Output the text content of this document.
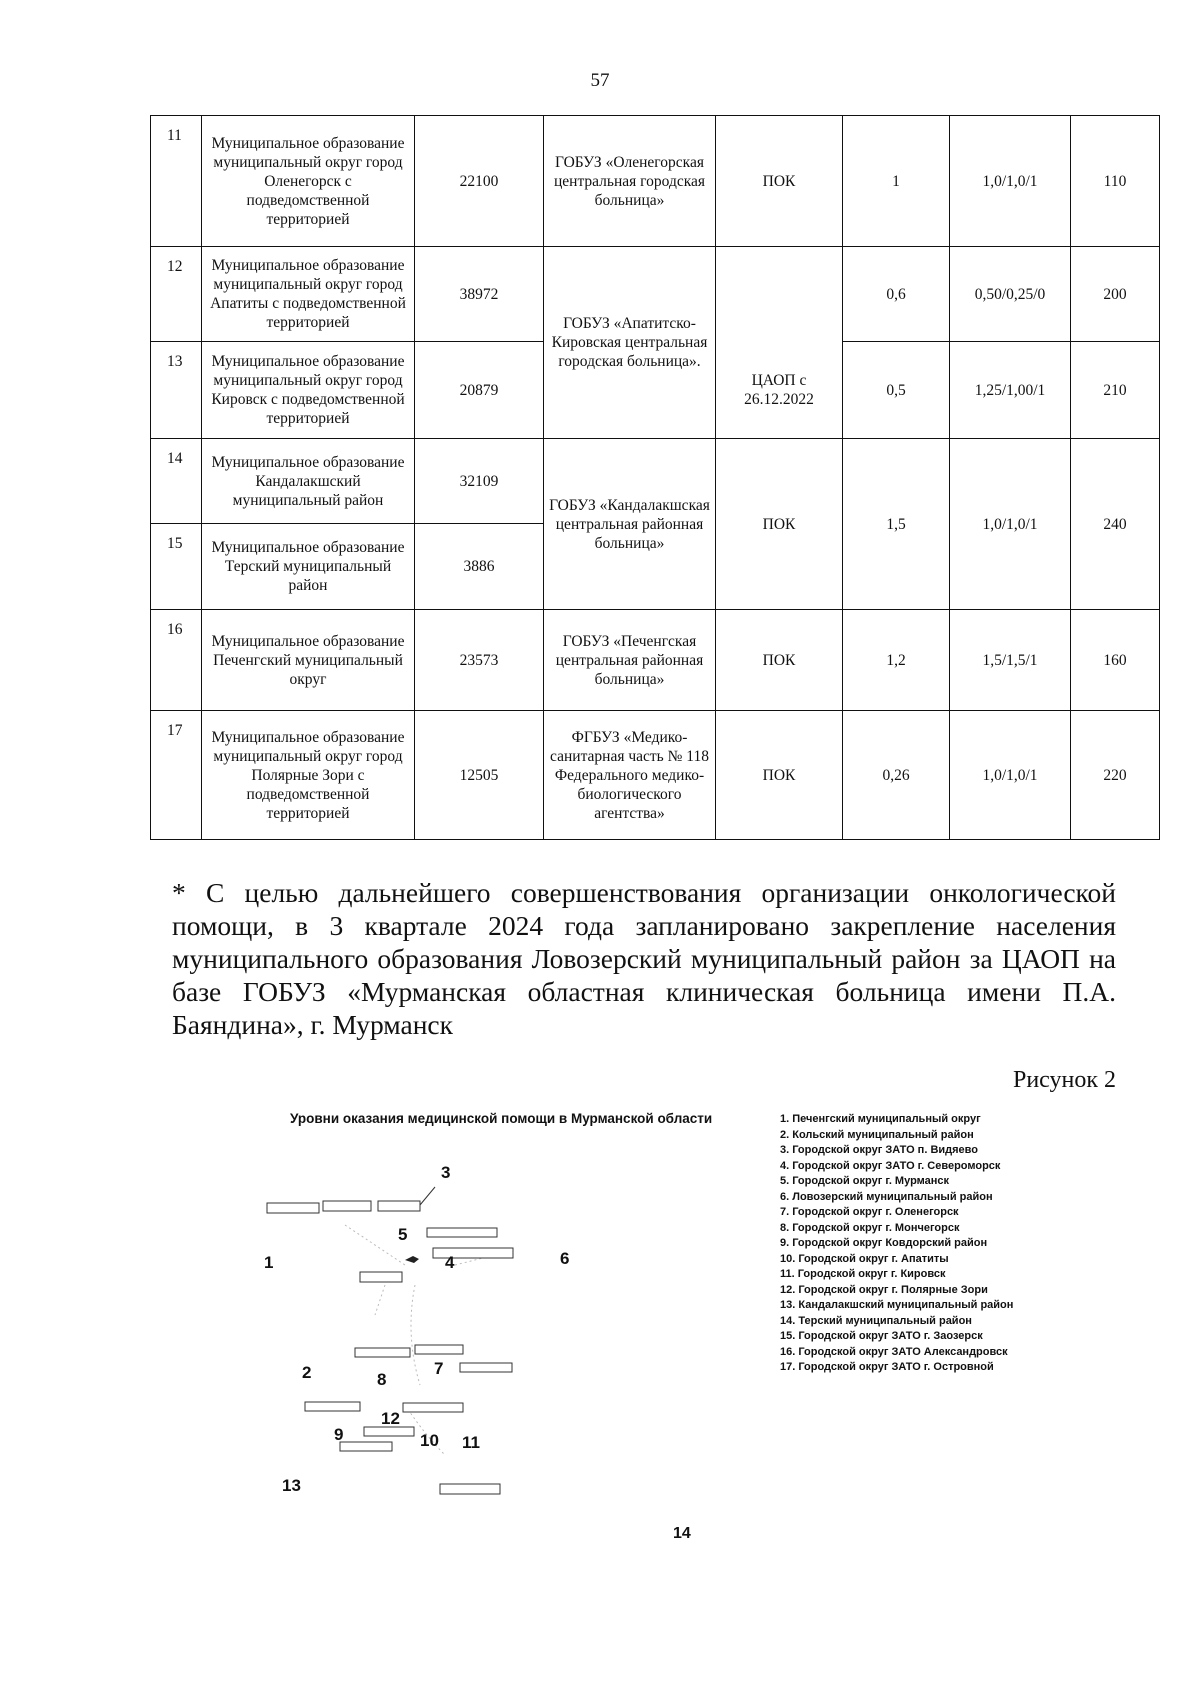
57
11	Муниципальное образование муниципальный округ город Оленегорск с подведомственной территорией	22100	ГОБУЗ «Оленегорская центральная городская больница»	ПОК	1	1,0/1,0/1	110
12	Муниципальное образование муниципальный округ город Апатиты с подведомственной территорией	38972	ГОБУЗ «Апатитско-Кировская центральная городская больница».		0,6	0,50/0,25/0	200
13	Муниципальное образование муниципальный округ город Кировск с подведомственной территорией	20879		ЦАОП с 26.12.2022	0,5	1,25/1,00/1	210
14	Муниципальное образование Кандалакшский муниципальный район	32109	ГОБУЗ «Кандалакшская центральная районная больница»	ПОК	1,5	1,0/1,0/1	240
15	Муниципальное образование Терский муниципальный район	3886					
16	Муниципальное образование Печенгский муниципальный округ	23573	ГОБУЗ «Печенгская центральная районная больница»	ПОК	1,2	1,5/1,5/1	160
17	Муниципальное образование муниципальный округ город Полярные Зори с подведомственной территорией	12505	ФГБУЗ «Медико-санитарная часть № 118 Федерального медико-биологического агентства»	ПОК	0,26	1,0/1,0/1	220
* С целью дальнейшего совершенствования организации онкологической помощи, в 3 квартале 2024 года запланировано закрепление населения муниципального образования Ловозерский муниципальный район за ЦАОП на базе ГОБУЗ «Мурманская областная клиническая больница имени П.А. Баяндина», г. Мурманск
Рисунок 2
Уровни оказания медицинской помощи в Мурманской области
1
2
3
4
5
6
7
8
9	10 11
12
13
1. Печенгский муниципальный округ
2. Кольский муниципальный район
3. Городской округ ЗАТО п. Видяево
4. Городской округ ЗАТО г. Североморск
5. Городской округ г. Мурманск
6. Ловозерский муниципальный район
7. Городской округ г. Оленегорск
8. Городской округ г. Мончегорск
9. Городской округ Ковдорский район
10. Городской округ г. Апатиты
11. Городской округ г. Кировск
12. Городской округ г. Полярные Зори
13. Кандалакшский муниципальный район
14. Терский муниципальный район
15. Городской округ ЗАТО г. Заозерск
16. Городской округ ЗАТО Александровск
17. Городской округ ЗАТО г. Островной
14
